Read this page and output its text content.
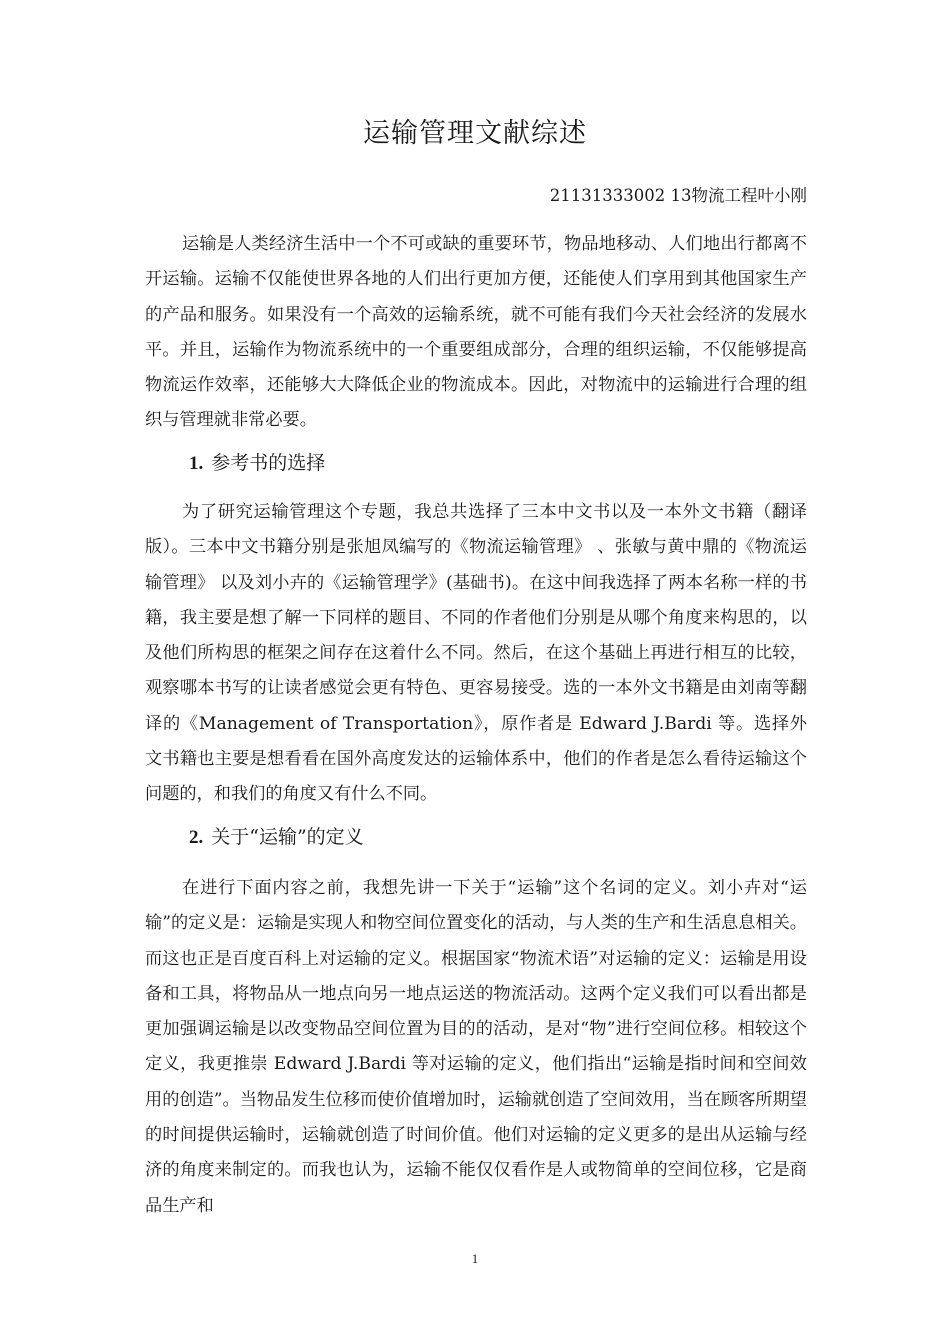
运输管理文献综述
21131333002 13物流工程叶小刚

运输是人类经济生活中一个不可或缺的重要环节，物品地移动、人们地出行都离不开运输。运输不仅能使世界各地的人们出行更加方便，还能使人们享用到其他国家生产的产品和服务。如果没有一个高效的运输系统，就不可能有我们今天社会经济的发展水平。并且，运输作为物流系统中的一个重要组成部分，合理的组织运输，不仅能够提高物流运作效率，还能够大大降低企业的物流成本。因此，对物流中的运输进行合理的组织与管理就非常必要。

1. 参考书的选择

为了研究运输管理这个专题，我总共选择了三本中文书以及一本外文书籍（翻译版）。三本中文书籍分别是张旭凤编写的《物流运输管理》 、张敏与黄中鼎的《物流运输管理》 以及刘小卉的《运输管理学》(基础书)。在这中间我选择了两本名称一样的书籍，我主要是想了解一下同样的题目、不同的作者他们分别是从哪个角度来构思的，以及他们所构思的框架之间存在这着什么不同。然后，在这个基础上再进行相互的比较，观察哪本书写的让读者感觉会更有特色、更容易接受。选的一本外文书籍是由刘南等翻译的《Management of Transportation》，原作者是 Edward J.Bardi 等。选择外文书籍也主要是想看看在国外高度发达的运输体系中，他们的作者是怎么看待运输这个问题的，和我们的角度又有什么不同。

2. 关于“运输”的定义

在进行下面内容之前，我想先讲一下关于“运输”这个名词的定义。刘小卉对“运输”的定义是：运输是实现人和物空间位置变化的活动，与人类的生产和生活息息相关。而这也正是百度百科上对运输的定义。根据国家“物流术语”对运输的定义：运输是用设备和工具，将物品从一地点向另一地点运送的物流活动。这两个定义我们可以看出都是更加强调运输是以改变物品空间位置为目的的活动，是对“物”进行空间位移。相较这个定义，我更推崇 Edward J.Bardi 等对运输的定义，他们指出“运输是指时间和空间效用的创造”。当物品发生位移而使价值增加时，运输就创造了空间效用，当在顾客所期望的时间提供运输时，运输就创造了时间价值。他们对运输的定义更多的是出从运输与经济的角度来制定的。而我也认为，运输不能仅仅看作是人或物简单的空间位移，它是商品生产和

1
